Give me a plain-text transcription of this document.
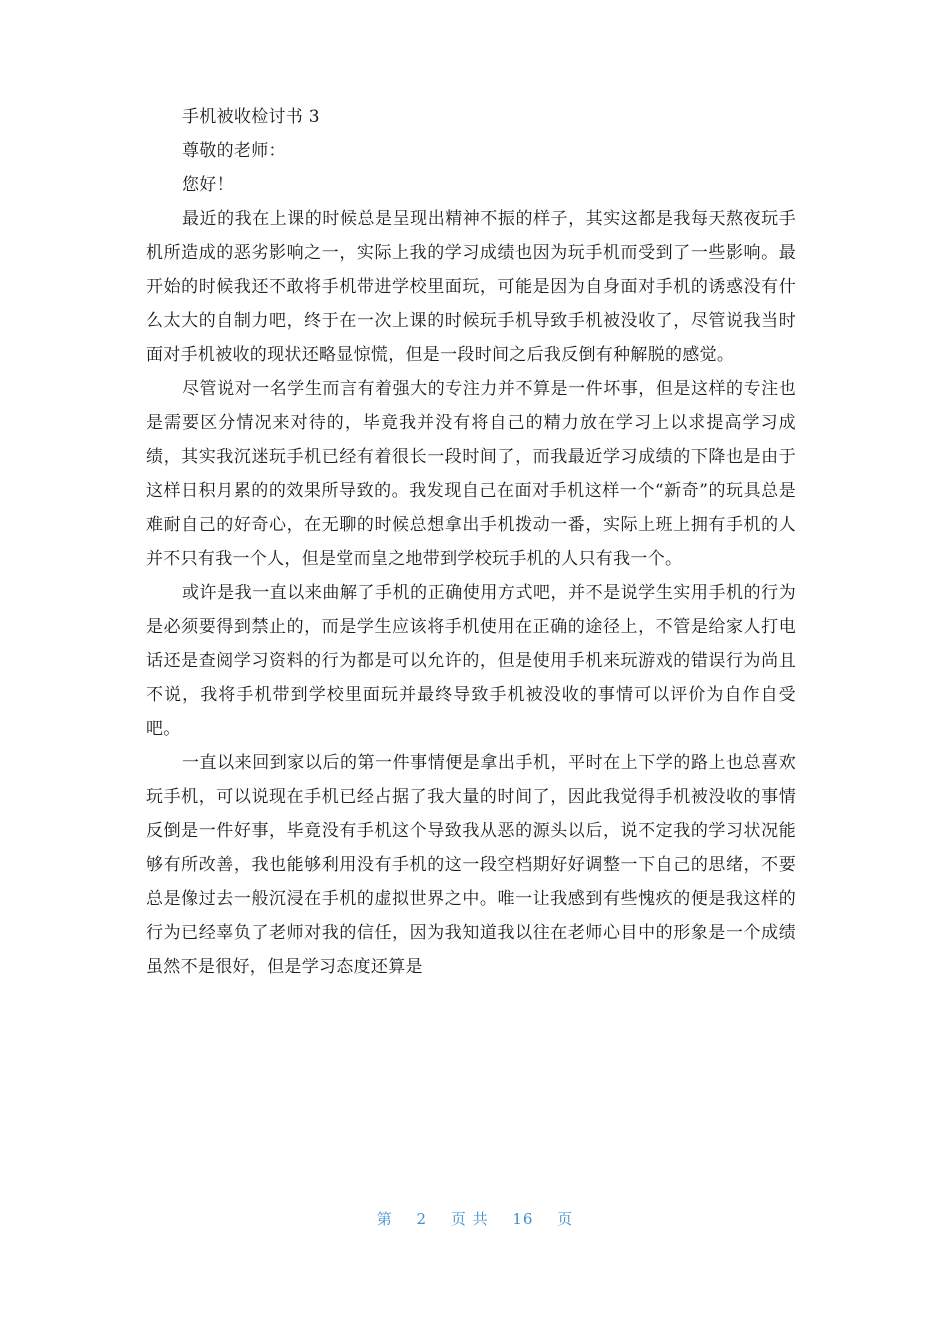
手机被收检讨书 3

尊敬的老师：

您好！

最近的我在上课的时候总是呈现出精神不振的样子，其实这都是我每天熬夜玩手机所造成的恶劣影响之一，实际上我的学习成绩也因为玩手机而受到了一些影响。最开始的时候我还不敢将手机带进学校里面玩，可能是因为自身面对手机的诱惑没有什么太大的自制力吧，终于在一次上课的时候玩手机导致手机被没收了，尽管说我当时面对手机被收的现状还略显惊慌，但是一段时间之后我反倒有种解脱的感觉。

尽管说对一名学生而言有着强大的专注力并不算是一件坏事，但是这样的专注也是需要区分情况来对待的，毕竟我并没有将自己的精力放在学习上以求提高学习成绩，其实我沉迷玩手机已经有着很长一段时间了，而我最近学习成绩的下降也是由于这样日积月累的的效果所导致的。我发现自己在面对手机这样一个“新奇”的玩具总是难耐自己的好奇心，在无聊的时候总想拿出手机拨动一番，实际上班上拥有手机的人并不只有我一个人，但是堂而皇之地带到学校玩手机的人只有我一个。

或许是我一直以来曲解了手机的正确使用方式吧，并不是说学生实用手机的行为是必须要得到禁止的，而是学生应该将手机使用在正确的途径上，不管是给家人打电话还是查阅学习资料的行为都是可以允许的，但是使用手机来玩游戏的错误行为尚且不说，我将手机带到学校里面玩并最终导致手机被没收的事情可以评价为自作自受吧。

一直以来回到家以后的第一件事情便是拿出手机，平时在上下学的路上也总喜欢玩手机，可以说现在手机已经占据了我大量的时间了，因此我觉得手机被没收的事情反倒是一件好事，毕竟没有手机这个导致我从恶的源头以后，说不定我的学习状况能够有所改善，我也能够利用没有手机的这一段空档期好好调整一下自己的思绪，不要总是像过去一般沉浸在手机的虚拟世界之中。唯一让我感到有些愧疚的便是我这样的行为已经辜负了老师对我的信任，因为我知道我以往在老师心目中的形象是一个成绩虽然不是很好，但是学习态度还算是

第 2 页 共 16 页
